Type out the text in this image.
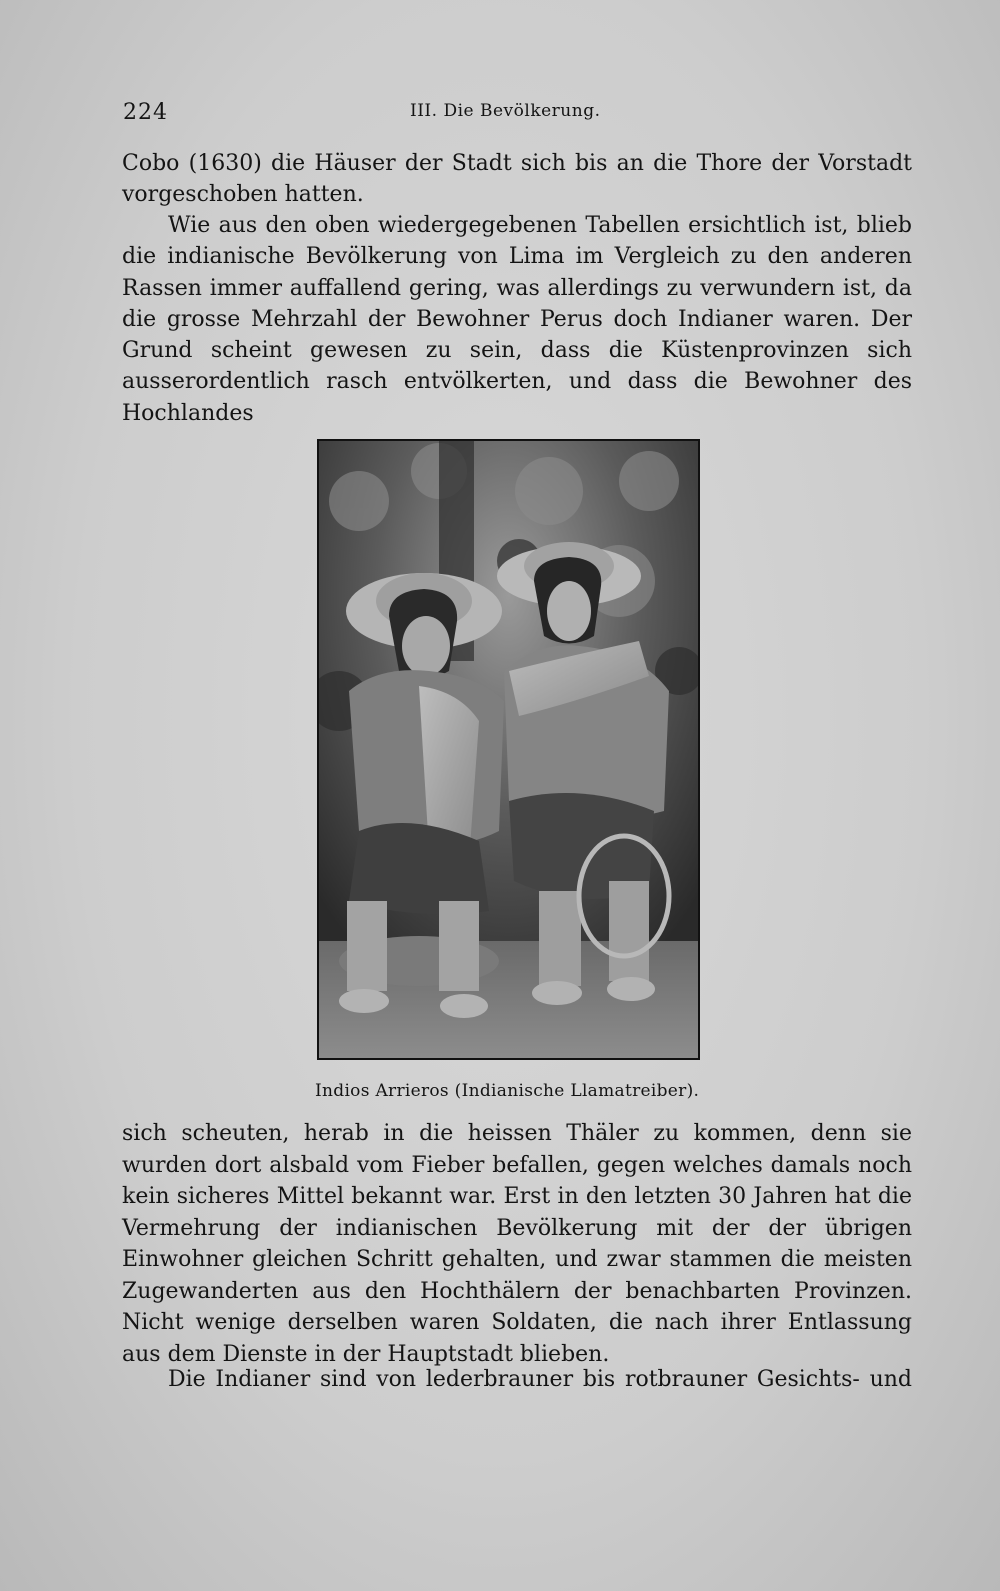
224	III. Die Bevölkerung.

Cobo (1630) die Häuser der Stadt sich bis an die Thore der Vorstadt vorgeschoben hatten.

Wie aus den oben wiedergegebenen Tabellen ersichtlich ist, blieb die indianische Bevölkerung von Lima im Vergleich zu den anderen Rassen immer auffallend gering, was allerdings zu verwundern ist, da die grosse Mehrzahl der Bewohner Perus doch Indianer waren. Der Grund scheint gewesen zu sein, dass die Küstenprovinzen sich ausserordentlich rasch entvölkerten, und dass die Bewohner des Hochlandes

Indios Arrieros (Indianische Llamatreiber).

sich scheuten, herab in die heissen Thäler zu kommen, denn sie wurden dort alsbald vom Fieber befallen, gegen welches damals noch kein sicheres Mittel bekannt war. Erst in den letzten 30 Jahren hat die Vermehrung der indianischen Bevölkerung mit der der übrigen Einwohner gleichen Schritt gehalten, und zwar stammen die meisten Zugewanderten aus den Hochthälern der benachbarten Provinzen. Nicht wenige derselben waren Soldaten, die nach ihrer Entlassung aus dem Dienste in der Hauptstadt blieben.

Die Indianer sind von lederbrauner bis rotbrauner Gesichts- und
